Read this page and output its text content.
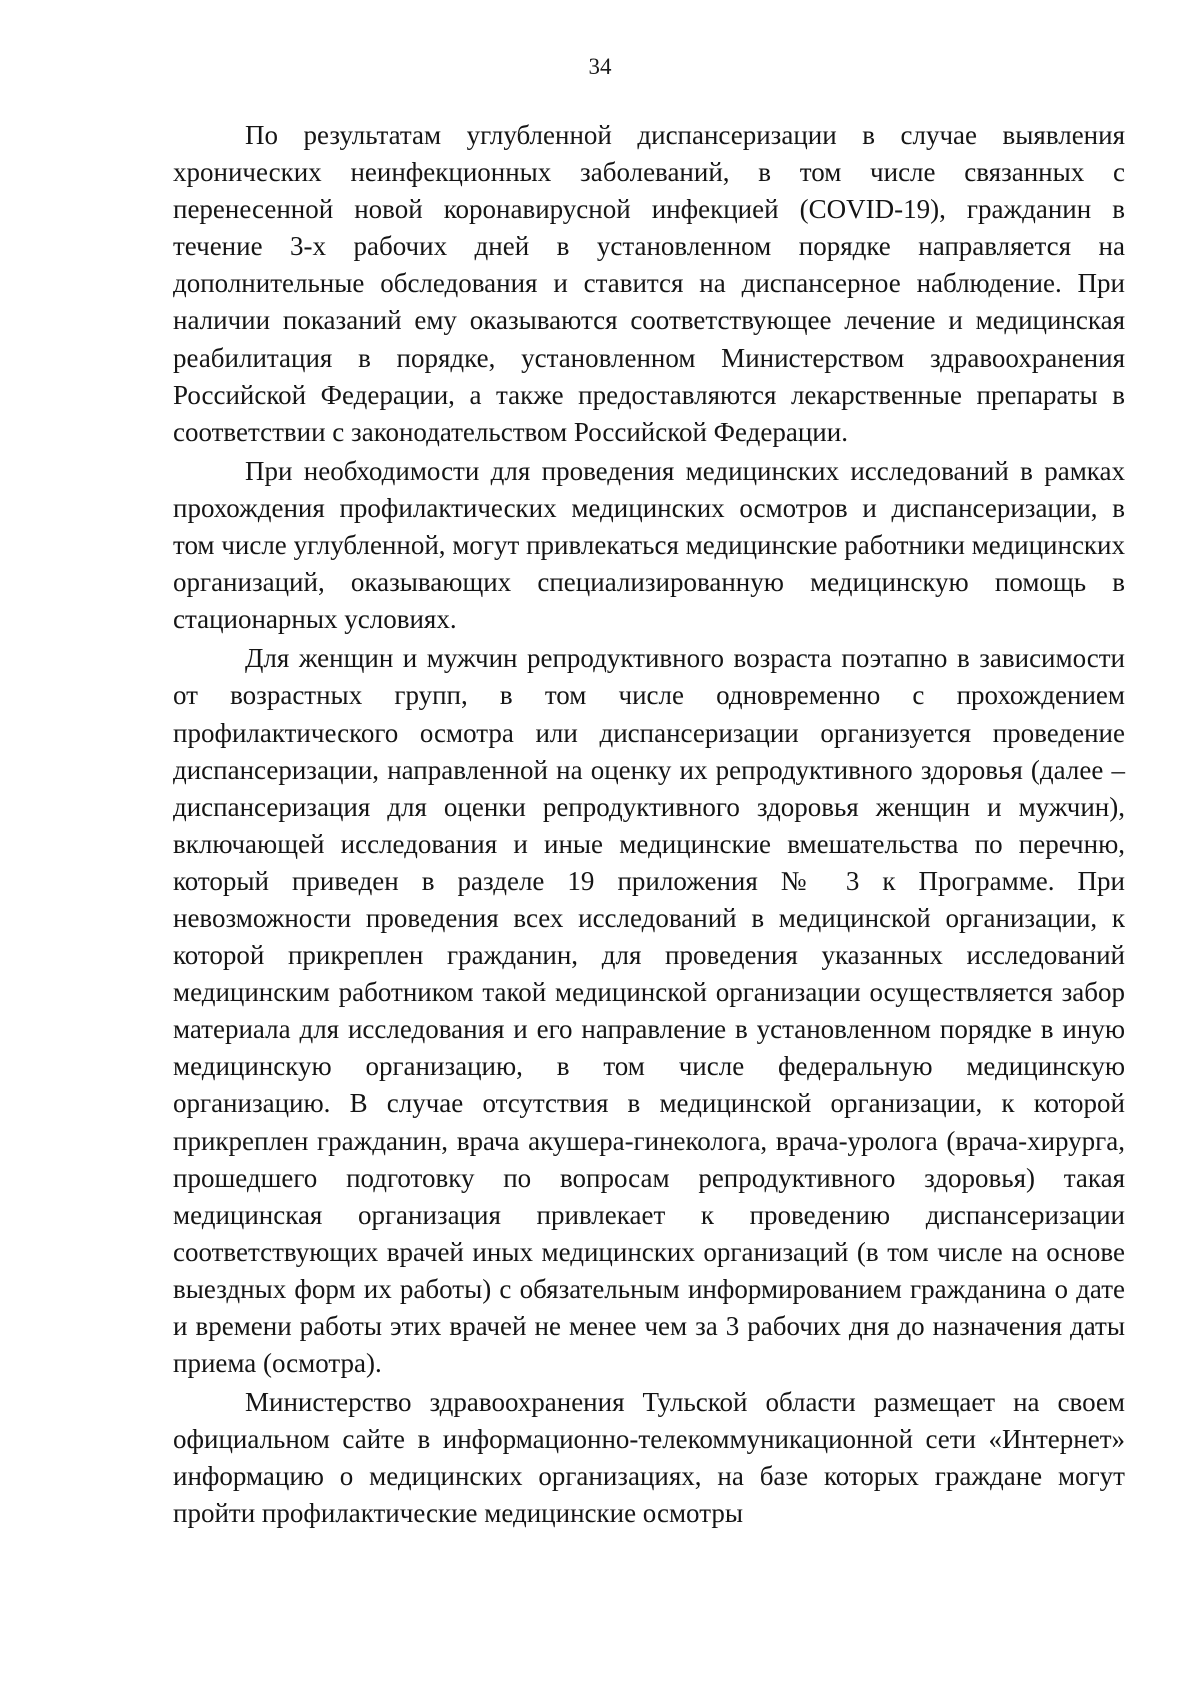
34

По результатам углубленной диспансеризации в случае выявления хронических неинфекционных заболеваний, в том числе связанных с перенесенной новой коронавирусной инфекцией (COVID-19), гражданин в течение 3-х рабочих дней в установленном порядке направляется на дополнительные обследования и ставится на диспансерное наблюдение. При наличии показаний ему оказываются соответствующее лечение и медицинская реабилитация в порядке, установленном Министерством здравоохранения Российской Федерации, а также предоставляются лекарственные препараты в соответствии с законодательством Российской Федерации.

При необходимости для проведения медицинских исследований в рамках прохождения профилактических медицинских осмотров и диспансеризации, в том числе углубленной, могут привлекаться медицинские работники медицинских организаций, оказывающих специализированную медицинскую помощь в стационарных условиях.

Для женщин и мужчин репродуктивного возраста поэтапно в зависимости от возрастных групп, в том числе одновременно с прохождением профилактического осмотра или диспансеризации организуется проведение диспансеризации, направленной на оценку их репродуктивного здоровья (далее – диспансеризация для оценки репродуктивного здоровья женщин и мужчин), включающей исследования и иные медицинские вмешательства по перечню, который приведен в разделе 19 приложения № 3 к Программе. При невозможности проведения всех исследований в медицинской организации, к которой прикреплен гражданин, для проведения указанных исследований медицинским работником такой медицинской организации осуществляется забор материала для исследования и его направление в установленном порядке в иную медицинскую организацию, в том числе федеральную медицинскую организацию. В случае отсутствия в медицинской организации, к которой прикреплен гражданин, врача акушера-гинеколога, врача-уролога (врача-хирурга, прошедшего подготовку по вопросам репродуктивного здоровья) такая медицинская организация привлекает к проведению диспансеризации соответствующих врачей иных медицинских организаций (в том числе на основе выездных форм их работы) с обязательным информированием гражданина о дате и времени работы этих врачей не менее чем за 3 рабочих дня до назначения даты приема (осмотра).

Министерство здравоохранения Тульской области размещает на своем официальном сайте в информационно-телекоммуникационной сети «Интернет» информацию о медицинских организациях, на базе которых граждане могут пройти профилактические медицинские осмотры
